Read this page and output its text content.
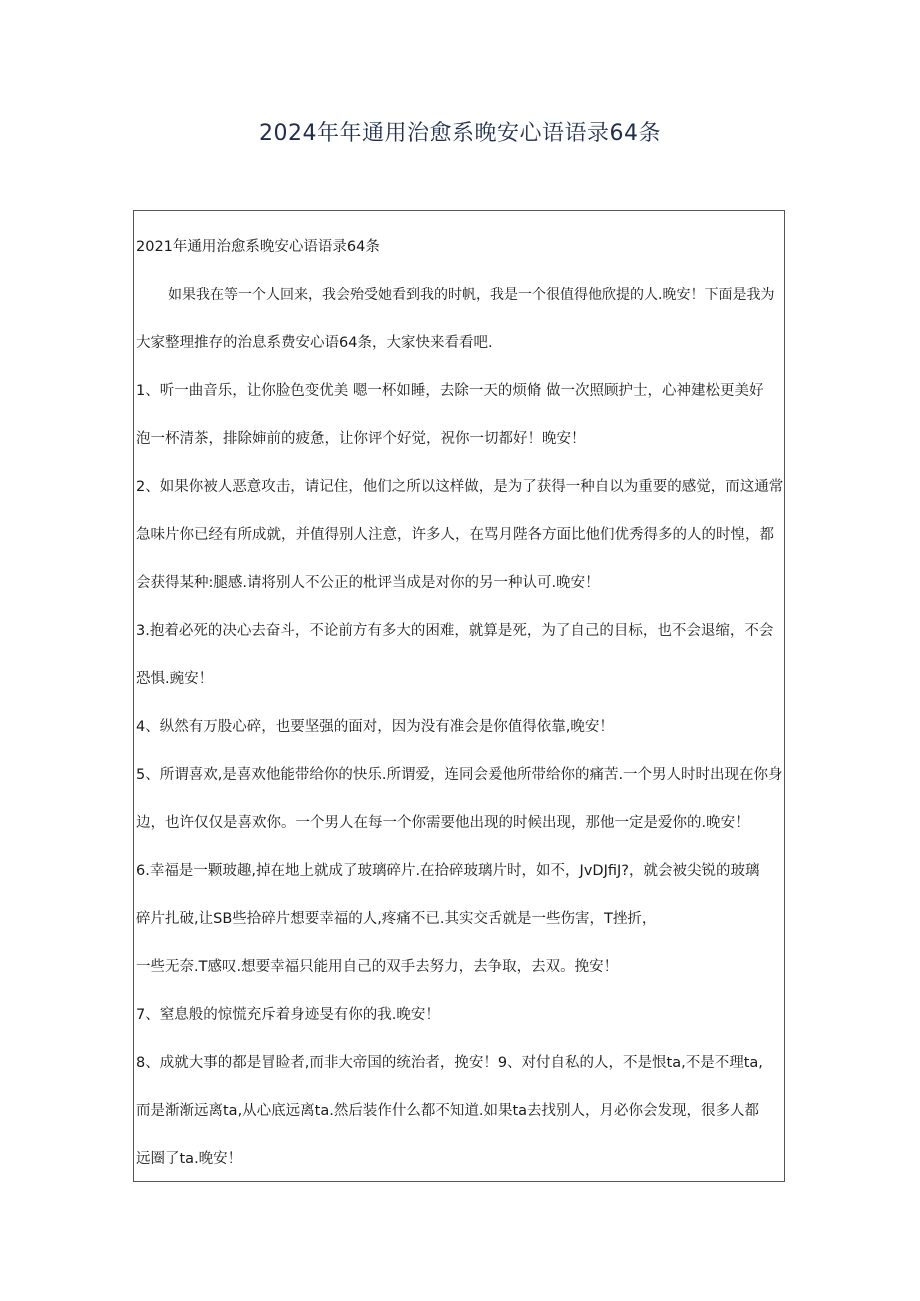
2024年年通用治愈系晚安心语语录64条
2021年通用治愈系晚安心语语录64条
如果我在等一个人回来，我会殆受她看到我的时帆，我是一个很值得他欣提的人.晚安！下面是我为
大家整理推存的治息系费安心语64条，大家快来看看吧.
1、听一曲音乐，让你脸色变优美 嗯一杯如睡，去除一天的烦脩 做一次照顾护士，心神建松更美好
泡一杯清茶，排除婶前的疲惫，让你评个好觉，祝你一切都好！晚安！
2、如果你被人恶意攻击，请记住，他们之所以这样做，是为了获得一种自以为重要的感觉，而这通常
急味片你已经有所成就，并值得别人注意，许多人，在骂月陛各方面比他们优秀得多的人的时惶，都
会获得某种:腿感.请将别人不公正的枇评当成是对你的另一种认可.晚安！
3.抱着必死的决心去奋斗，不论前方有多大的困难，就算是死，为了自己的目标，也不会退缩，不会
恐惧.豌安！
4、纵然有万股心碎，也要坚强的面对，因为没有准会是你值得依靠,晚安！
5、所谓喜欢,是喜欢他能带给你的快乐.所谓爱，连同会爰他所带给你的痛苦.一个男人时时出现在你身
边，也许仅仅是喜欢你。一个男人在每一个你需要他出现的时候出现，那他一定是爱你的.晚安！
6.幸福是一颗玻趣,掉在地上就成了玻璃碎片.在拾碎玻璃片时，如不，JvDJfiJ?，就会被尖锐的玻璃
碎片扎破,让SB些拾碎片想要幸福的人,疼痛不已.其实交舌就是一些伤害，T挫折，
一些无奈.T感叹.想要幸福只能用自己的双手去努力，去争取，去双。挽安！
7、窒息般的惊慌充斥着身迹旻有你的我.晚安！
8、成就大事的都是冒睑者,而非大帝国的统治者，挽安！9、对付自私的人，不是恨ta,不是不理ta,
而是渐渐远离ta,从心底远离ta.然后装作什么都不知道.如果ta去找别人，月必你会发现，很多人都
远圈了ta.晚安！
